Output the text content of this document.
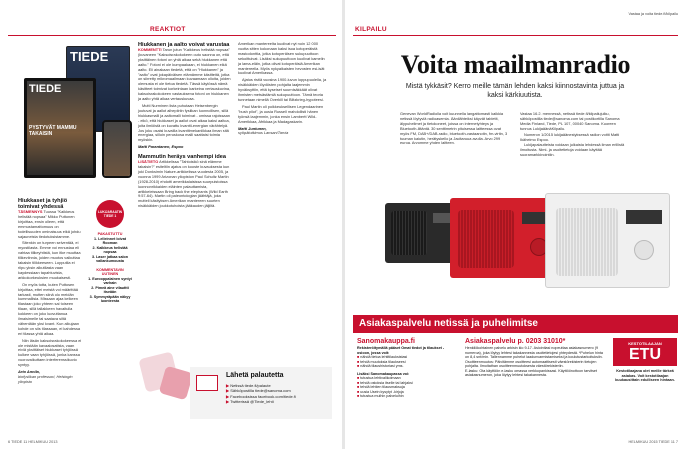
REAKTIOT
TIEDE
TIEDE
PYSTYVÄT MAMMU TAKAISIN
Hiukkaset ja tyhjiö toimivat yhdessä

TÄSMENNYS Tuussa "Kaikkeus helistää nopsaa" Mikko Puttonen kirjoittaa, ensin olleen, että emmustamattomuus on todellisuuden ominaisuus eikä johdu sajauneista tiedotuksistamme.

Sitenkin on turpeen selventää, ei myostilasta. Emme voi ennustaa eli vahtaa tilikeyhtistä, kun itke muuttaa tilikeviinnia, joiden muotos vaikuttaa takaisin tilikkeeseen. Lopputila ei riipu yksin alkutilasta vaan kaydessiaan tapahtuvista, arkkokorkeuksien muukaisesti.

On myös totta, kuten Puttosen kirjoittaa, ettei meistä voi määrittää tarkasti, mutten siinä olo meidän kummallisia. Missaan ajaa kelkeen tilastaan joko yhteen sai toiseen tilaan, sillä tallakkeen havaitulla kokkeen on joko luovuttanua ilmaisimelle tai saatava siltä vähentään yksi kvant. Kun alkujaan kohde on siis tilassaan, ei kahdessa eri tilassa yhtä aikaa.

Niin läsän kaksoisrakokokeessa ei ole mistään kavaalosatista, vaan eiviä yksittäiset hiukkaset tyhjiössä kulkee vaan tyhjiössä, jonka kanssa vuorovaikuttaen interferenssikuvio syntyy.

Arto Annila,

biofysiikan professori, Helsingin yliopisto

LUKIJARAATIN TIEDE 1
PAKASTUTTU
1. Lelleinnet loivat Rooman
2. Kaikkeus helistää nopsaa
3. Laser jatkaa salon vallankumousta
KOMMENTAVIN UUTINEN
1. Eurooppalainen syntyi varhain
2. Pimeä aine vilauttti itseään
3. Symmyräpään näkyy luonteesta
Hiukkanen ja aalto voivat varustaa

KOMMENTTI Tarun jutun "Kaikkeus helistää nopsaa" (kuvaneen "Kaksoisrakokokeen outo saonna on, että yksittäinen fotoni on yhtä aikaa sekä hiukkanen että aalto." Fotoni ei ole kumpaakaan, ei hiukkanen eikä aalto. Eli ainakaan tiedetä, että on "Hiukkanen" ja "aalto" ovat jokapäiväisen elämämme käsitteitä, jotka on siirretty mikromaailmaan kuvaamaan olioita, joiden olemusta ei ole tietoa tiedetä. Tässä käytössä nämä käsitteet toimivat korkeintaan karkeina vertauskuvina, kaksoisrakokokeen vastauksena fotoni on hiukkanen ja aalto yhtä aikaa vertauskuvaa.

Mutti Nurminen lista puhutaan Heisenbergin joutuvat ja aallot aihepiiriin fysiikan luonnollisen, sillä hiukkasmalli ja aaltomalli toimivat - omissa rajoissaan - eikö, että hiukkaset ja aallot ovat aikaa kaksi aaltoa, joita ilmiöistä on kuvattu kvantti-energian värähtelyä. Jos joku osaisi kuvailla kvanttimekaniikkaa ilman sitä energiaa, silloin peruskosa malli saattaisi toimia myöskin.

Matti Parantanen, Espoo

Mammutin heräys vanhempi idea

LISÄTIETO Artikkelissa "Tahtoisikö sinä elämme takaisin?" esiteltiin ajatus on kooste kuvauksesta kun joki Donksimin Nature-artikkelissa vuodesta 2005, ja vuonna 1999 Arizonan yliopiston Paul Schultz Martin (1928-2010) ehdotti amerikkalaisissa suurpuistoissa luonnonrikkaiden eläinten palauttamista, artikkeleissaan Bring back the elephants (Wild Earth 9:57-64). Martin oli paleontologian jäähtäjä, joka mutteli käsityksen Amerikan mantereen suurten nisäkkäiden joukkotuhoista jääkauden jäljiltä.

Amerikan mantereelta kuolivat nyt noin 12 000 vuotta sitten kokonaan kaksi isoa kotoperäistä mastodonttia, jotka kotoperäisen sukupuuttoon sekoittuivat. Lisäksi sukupuuttoon kuolivat kamelin ja lama-eläin, jotka olivat kotoperäisiä Amerikan mantereella. Myös nykyaikaisten hevosten esi-isät kuolivat Amerikassa.

Ajatus ristiä vuosina 1900-luvun loppupuolella, ja nisäkkäiden löydösten pohjalta laajemmin hyväksyttiin, että kyseiset suurnisäkkäät olivat ihmisten metsästämiä sukupuuttoon. Tämä teoria tunnetaan nimellä Overkill tai Blitzkrieg-hypoteesi.

Paul Martin oli poikkeuksellisen Legendaarinen "bush pilot", ja uusia Russell mahdollisti hänen työnsä laajemmin, jonka ensin Lambertt Wild-Amerikkaa, Afrikkaa ja Madagaskarin.

Matti Juntunen,

syöpätutkimus Lansan/Tarvia

Lähetä palautetta
▶ Netissä tiede.fi/palaute
▶ Sähköpostilla tiede@sanoma.com
▶ Facebooksissa facebook.com/tiede.fi
▶ Twitterissä @Tiede_lehti
6 TIEDE 11 HELMIKUU 2013
Vastaa ja voita tiede.fi/kilpailu
KILPAILU
Voita maailmanradio
Mistä tykkäsit? Kerro meille tämän lehden kaksi kiinnostavinta juttua ja kaksi kärkiuutista.

Genevan WorldRadiolla voit kuunnella langattomasti kaikkia netissä löytyviä radioasemia. Äänilähteiksi käyvät tabletit, älypuhelimet ja tietokoneet, joissa on internetyhteys ja Bluetooth-liitäntä. 30 senttimetrin pituisessa laitteessa ovat myös FM, DAB+/DAB-radio, bluetooth-vastaanotin, fm-virtin, 3 tuuman kaiutin, herätyskello ja Jacitaruua avulla. Arvo 299 euroa. Arvomme yhden laitteen.

Vastaa 16.2. mennessä, netissä tiede.fi/kilpailujulku, sähköpostilla tiede@sanoma.com tai postikortilla Sanoma Media Finland, Tiede, PL 107, 00040 Sanoma. Kuoreen tunnus LukijaäänäKilpailu.

Numeron 1/2015 lukijaäänestyksessä radion voitti Matti Ikäheimo Espoo.

Lukijapalautteista voidaan julkaista lehdessä ilman erillistä ilmoitusta. Nimi- ja osoitetietoja voidaan käyttää suoramarkkinointiin.

Asiakaspalvelu netissä ja puhelimitse
Sanomakauppa.fi
Rekisteröitymällä pääset Omat tiedot ja tilaukset -osioon, jossa voit:
■ nähdä tietoa lehtitilauksistasi
■ tehdä muutoksia tilaukseesi
■ nähdä tilaushistoriasi yms.
Lisäksi Sanomakaupassa voi:
■ tutustua lehtivalikoimaan
■ tehdä ostoksia itselle tai lahjaksi
■ tehdä lehtien tilausmaksuja
■ uusia Usein kysytyt -kirjoja
■ tutustua muihin palveluihin
Asiakaspalvelu p. 0203 31010*
Henkilökohtainen palvelu arkisin klo 9-17. Asiointiasi nopeuttaa asiakasnumero (9 numeroa), joka löytyy lehtesi takakannesta osoitetietojesi yhteydestä. *Puhelun hinta on 8,4 snt/min. Tallennamme puhelut laadunvarmistamiseksi ja koulutustarkoituksiin.
Osoitteenmuutos: Päivitämme osoitteesi automaattisesti väestörekisterin tietojen pohjalta. Ilmoitathan osoitteenmuutoksesta väestörekisteriin.
E-lasku: Ota käyttöön e-lasku omassa verkkopankissasi. Käyttöönottoon tarvitset asiakasnumeron, joka löytyy lehtesi takakannesta.
KESTOTILAAJAN
ETU
Kestotilaajana olet meille tärkeä asiakas. Voit kestotilaajan kuukausittain edulliseen hintaan.
HELMIKUU 2015 TIEDE 11 7
